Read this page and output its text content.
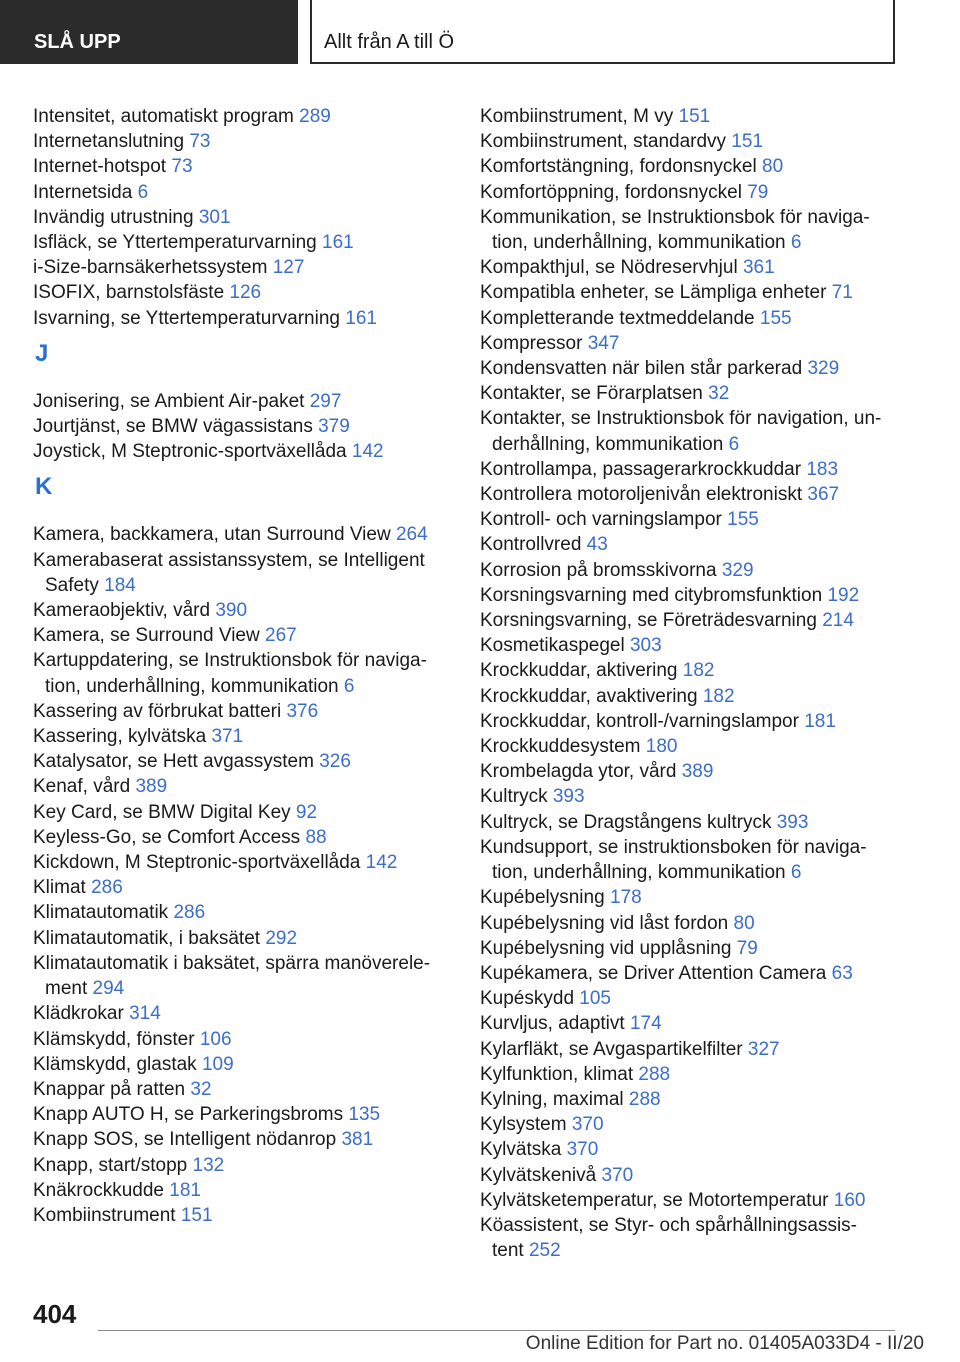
SLÅ UPP	Allt från A till Ö
Intensitet, automatiskt program 289
Internetanslutning 73
Internet-hotspot 73
Internetsida 6
Invändig utrustning 301
Isfläck, se Yttertemperaturvarning 161
i-Size-barnsäkerhetssystem 127
ISOFIX, barnstolsfäste 126
Isvarning, se Yttertemperaturvarning 161
J
Jonisering, se Ambient Air-paket 297
Jourtjänst, se BMW vägassistans 379
Joystick, M Steptronic-sportväxellåda 142
K
Kamera, backkamera, utan Surround View 264
Kamerabaserat assistanssystem, se Intelligent
Safety 184
Kameraobjektiv, vård 390
Kamera, se Surround View 267
Kartuppdatering, se Instruktionsbok för naviga-
tion, underhållning, kommunikation 6
Kassering av förbrukat batteri 376
Kassering, kylvätska 371
Katalysator, se Hett avgassystem 326
Kenaf, vård 389
Key Card, se BMW Digital Key 92
Keyless-Go, se Comfort Access 88
Kickdown, M Steptronic-sportväxellåda 142
Klimat 286
Klimatautomatik 286
Klimatautomatik, i baksätet 292
Klimatautomatik i baksätet, spärra manöverele-
ment 294
Klädkrokar 314
Klämskydd, fönster 106
Klämskydd, glastak 109
Knappar på ratten 32
Knapp AUTO H, se Parkeringsbroms 135
Knapp SOS, se Intelligent nödanrop 381
Knapp, start/stopp 132
Knäkrockkudde 181
Kombiinstrument 151
Kombiinstrument, M vy 151
Kombiinstrument, standardvy 151
Komfortstängning, fordonsnyckel 80
Komfortöppning, fordonsnyckel 79
Kommunikation, se Instruktionsbok för naviga-
tion, underhållning, kommunikation 6
Kompakthjul, se Nödreservhjul 361
Kompatibla enheter, se Lämpliga enheter 71
Kompletterande textmeddelande 155
Kompressor 347
Kondensvatten när bilen står parkerad 329
Kontakter, se Förarplatsen 32
Kontakter, se Instruktionsbok för navigation, un-
derhållning, kommunikation 6
Kontrollampa, passagerarkrockkuddar 183
Kontrollera motoroljenivån elektroniskt 367
Kontroll- och varningslampor 155
Kontrollvred 43
Korrosion på bromsskivorna 329
Korsningsvarning med citybromsfunktion 192
Korsningsvarning, se Företrädesvarning 214
Kosmetikaspegel 303
Krockkuddar, aktivering 182
Krockkuddar, avaktivering 182
Krockkuddar, kontroll-/varningslampor 181
Krockkuddesystem 180
Krombelagda ytor, vård 389
Kultryck 393
Kultryck, se Dragstångens kultryck 393
Kundsupport, se instruktionsboken för naviga-
tion, underhållning, kommunikation 6
Kupébelysning 178
Kupébelysning vid låst fordon 80
Kupébelysning vid upplåsning 79
Kupékamera, se Driver Attention Camera 63
Kupéskydd 105
Kurvljus, adaptivt 174
Kylarfläkt, se Avgaspartikelfilter 327
Kylfunktion, klimat 288
Kylning, maximal 288
Kylsystem 370
Kylvätska 370
Kylvätskenivå 370
Kylvätsketemperatur, se Motortemperatur 160
Köassistent, se Styr- och spårhållningsassis-
tent 252
404
Online Edition for Part no. 01405A033D4 - II/20
